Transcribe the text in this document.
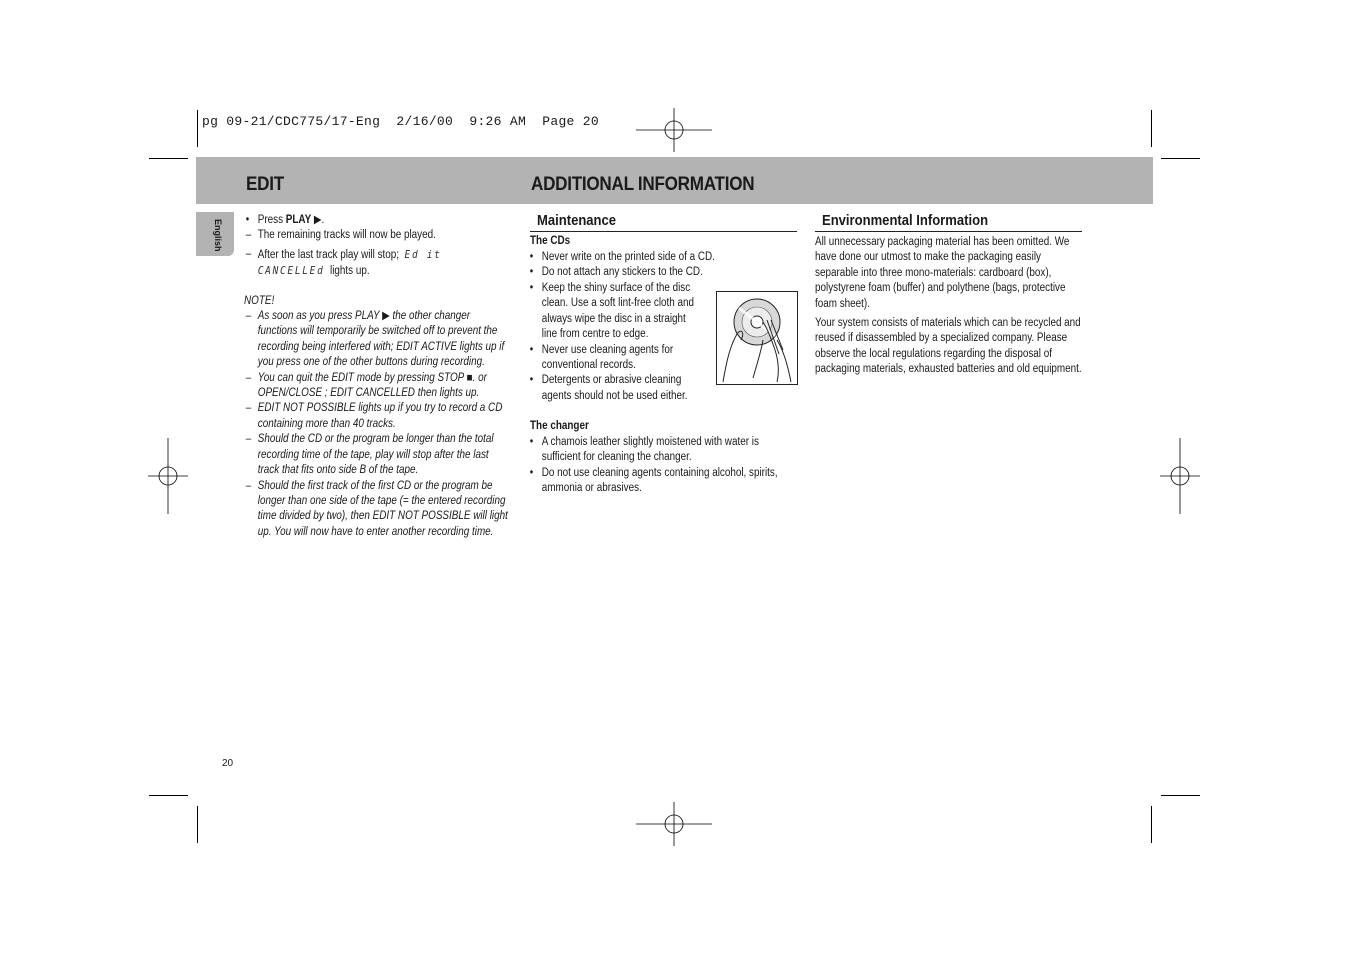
pg 09-21/CDC775/17-Eng  2/16/00  9:26 AM  Page 20
EDIT	ADDITIONAL INFORMATION
English	• Press PLAY ▶.
– The remaining tracks will now be played.
– After the last track play will stop; Ed it
CANCELLEd lights up.
NOTE!
– As soon as you press PLAY ▶ the other changer functions will temporarily be switched off to prevent the recording being interfered with; EDIT ACTIVE lights up if you press one of the other buttons during recording.
– You can quit the EDIT mode by pressing STOP ■. or OPEN/CLOSE ; EDIT CANCELLED then lights up.
– EDIT NOT POSSIBLE lights up if you try to record a CD containing more than 40 tracks.
– Should the CD or the program be longer than the total recording time of the tape, play will stop after the last track that fits onto side B of the tape.
– Should the first track of the first CD or the program be longer than one side of the tape (= the entered recording time divided by two), then EDIT NOT POSSIBLE will light up. You will now have to enter another recording time.
Maintenance
The CDs
• Never write on the printed side of a CD.
• Do not attach any stickers to the CD.
• Keep the shiny surface of the disc clean. Use a soft lint-free cloth and always wipe the disc in a straight line from centre to edge.
• Never use cleaning agents for conventional records.
• Detergents or abrasive cleaning agents should not be used either.
The changer
• A chamois leather slightly moistened with water is sufficient for cleaning the changer.
• Do not use cleaning agents containing alcohol, spirits, ammonia or abrasives.
Environmental Information

All unnecessary packaging material has been omitted. We have done our utmost to make the packaging easily separable into three mono-materials: cardboard (box), polystyrene foam (buffer) and polythene (bags, protective foam sheet).

Your system consists of materials which can be recycled and reused if disassembled by a specialized company. Please observe the local regulations regarding the disposal of packaging materials, exhausted batteries and old equipment.

20
